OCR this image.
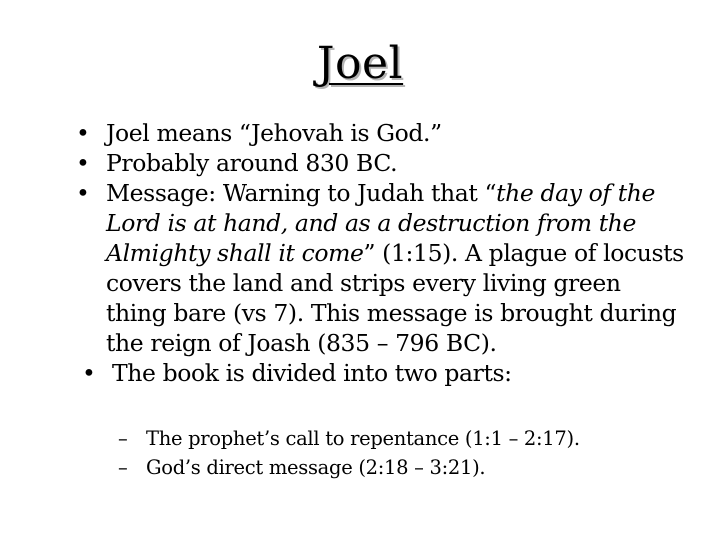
Joel
• Joel means “Jehovah is God.”
• Probably around 830 BC.
• Message: Warning to Judah that “the day of the Lord is at hand, and as a destruction from the Almighty shall it come” (1:15). A plague of locusts covers the land and strips every living green thing bare (vs 7). This message is brought during the reign of Joash (835 – 796 BC).
• The book is divided into two parts:
– The prophet’s call to repentance (1:1 – 2:17).
– God’s direct message (2:18 – 3:21).
